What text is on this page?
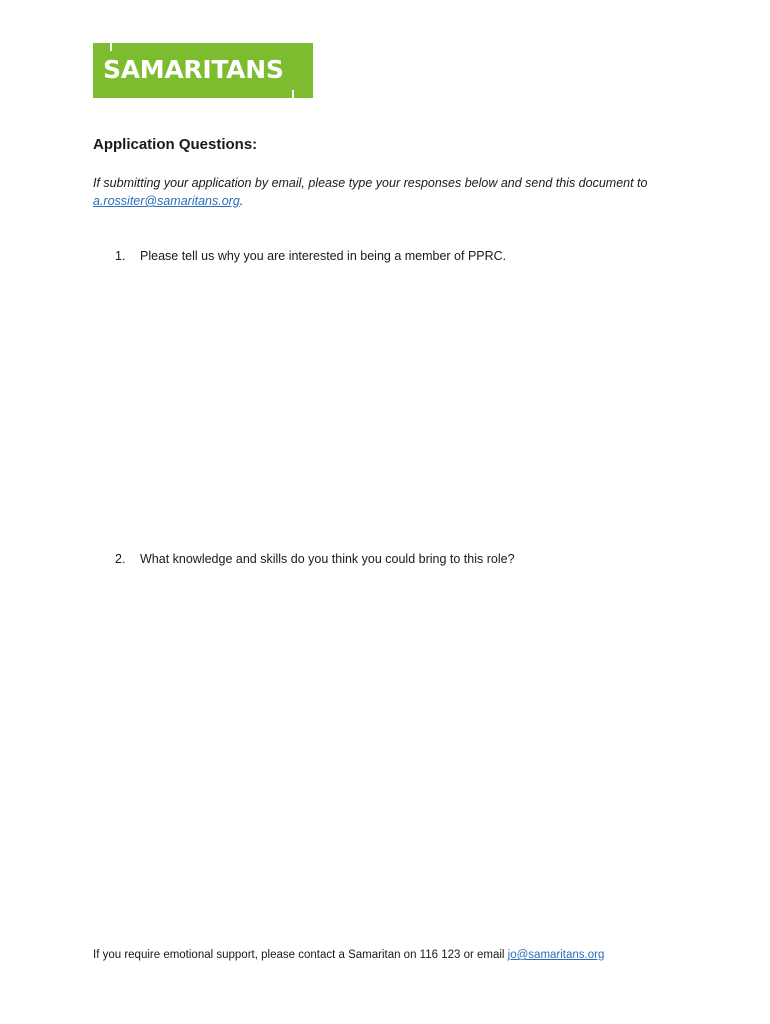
SAMARITANS
Application Questions:
If submitting your application by email, please type your responses below and send this document to a.rossiter@samaritans.org.
1. Please tell us why you are interested in being a member of PPRC.
2. What knowledge and skills do you think you could bring to this role?
If you require emotional support, please contact a Samaritan on 116 123 or email jo@samaritans.org
